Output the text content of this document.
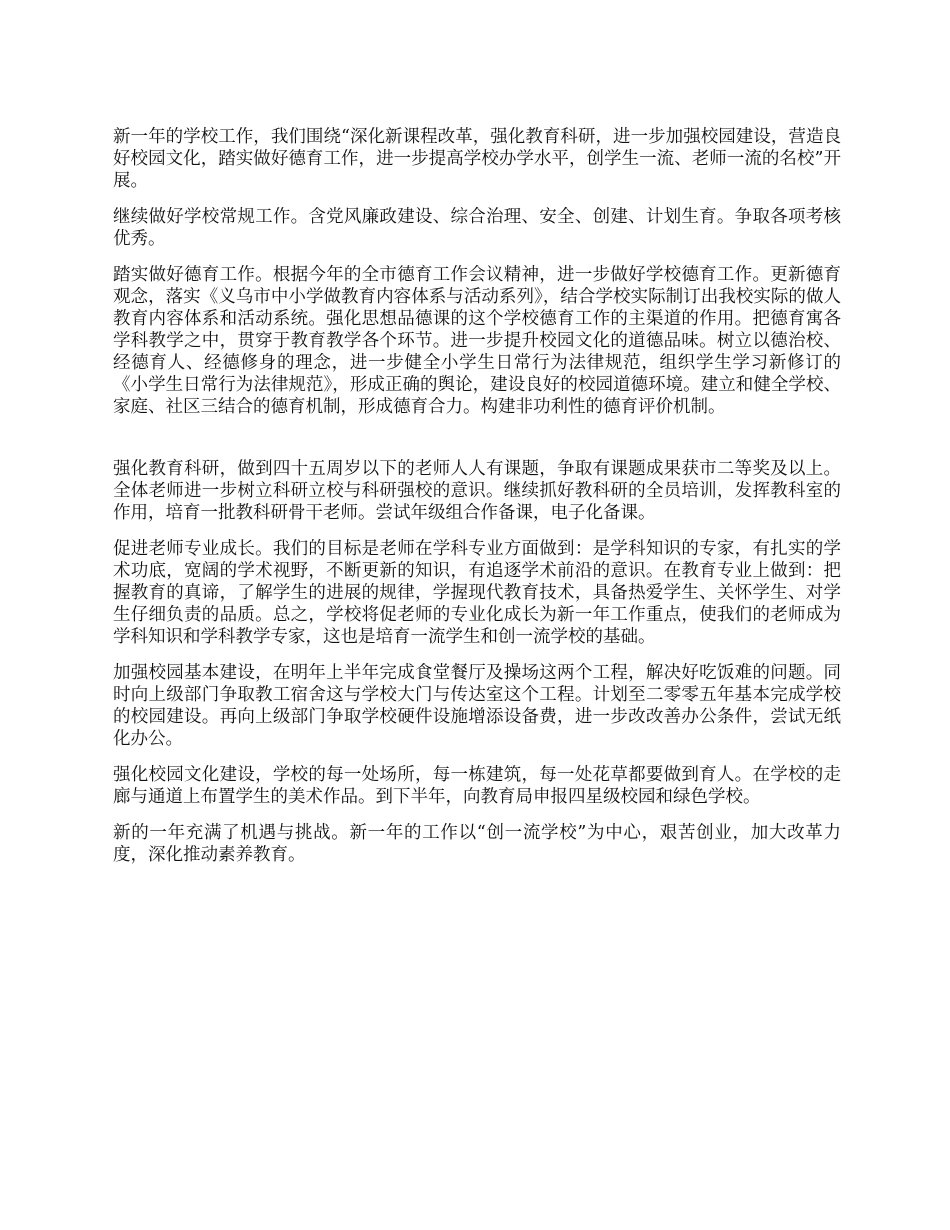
新一年的学校工作，我们围绕“深化新课程改革，强化教育科研，进一步加强校园建设，营造良好校园文化，踏实做好德育工作，进一步提高学校办学水平，创学生一流、老师一流的名校”开展。

继续做好学校常规工作。含党风廉政建设、综合治理、安全、创建、计划生育。争取各项考核优秀。

踏实做好德育工作。根据今年的全市德育工作会议精神，进一步做好学校德育工作。更新德育观念，落实《义乌市中小学做教育内容体系与活动系列》，结合学校实际制订出我校实际的做人教育内容体系和活动系统。强化思想品德课的这个学校德育工作的主渠道的作用。把德育寓各学科教学之中，贯穿于教育教学各个环节。进一步提升校园文化的道德品味。树立以德治校、经德育人、经德修身的理念，进一步健全小学生日常行为法律规范，组织学生学习新修订的《小学生日常行为法律规范》，形成正确的舆论，建设良好的校园道德环境。建立和健全学校、家庭、社区三结合的德育机制，形成德育合力。构建非功利性的德育评价机制。

强化教育科研，做到四十五周岁以下的老师人人有课题，争取有课题成果获市二等奖及以上。全体老师进一步树立科研立校与科研强校的意识。继续抓好教科研的全员培训，发挥教科室的作用，培育一批教科研骨干老师。尝试年级组合作备课，电子化备课。

促进老师专业成长。我们的目标是老师在学科专业方面做到：是学科知识的专家，有扎实的学术功底，宽阔的学术视野，不断更新的知识，有追逐学术前沿的意识。在教育专业上做到：把握教育的真谛，了解学生的进展的规律，学握现代教育技术，具备热爱学生、关怀学生、对学生仔细负责的品质。总之，学校将促老师的专业化成长为新一年工作重点，使我们的老师成为学科知识和学科教学专家，这也是培育一流学生和创一流学校的基础。

加强校园基本建设，在明年上半年完成食堂餐厅及操场这两个工程，解决好吃饭难的问题。同时向上级部门争取教工宿舍这与学校大门与传达室这个工程。计划至二零零五年基本完成学校的校园建设。再向上级部门争取学校硬件设施增添设备费，进一步改改善办公条件，尝试无纸化办公。

强化校园文化建设，学校的每一处场所，每一栋建筑，每一处花草都要做到育人。在学校的走廊与通道上布置学生的美术作品。到下半年，向教育局申报四星级校园和绿色学校。

新的一年充满了机遇与挑战。新一年的工作以“创一流学校”为中心，艰苦创业，加大改革力度，深化推动素养教育。
